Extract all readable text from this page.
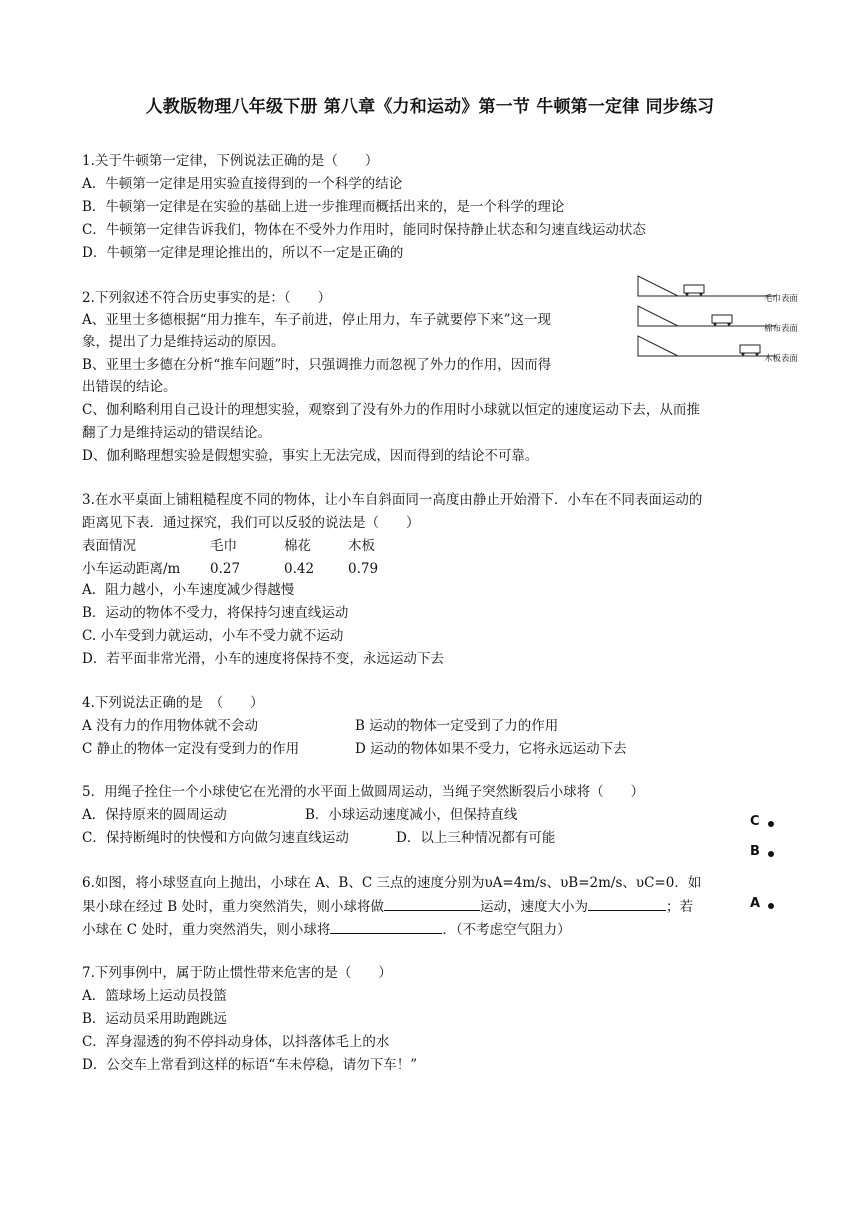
人教版物理八年级下册 第八章《力和运动》第一节 牛顿第一定律 同步练习
1.关于牛顿第一定律，下例说法正确的是（　　）
A．牛顿第一定律是用实验直接得到的一个科学的结论
B．牛顿第一定律是在实验的基础上进一步推理而概括出来的，是一个科学的理论
C．牛顿第一定律告诉我们，物体在不受外力作用时，能同时保持静止状态和匀速直线运动状态
D．牛顿第一定律是理论推出的，所以不一定是正确的
2.下列叙述不符合历史事实的是：（　　）
A、亚里士多德根据“用力推车，车子前进，停止用力，车子就要停下来”这一现
象，提出了力是维持运动的原因。
B、亚里士多德在分析“推车问题”时，只强调推力而忽视了外力的作用，因而得
出错误的结论。
C、伽利略利用自己设计的理想实验，观察到了没有外力的作用时小球就以恒定的速度运动下去，从而推
翻了力是维持运动的错误结论。
D、伽利略理想实验是假想实验，事实上无法完成，因而得到的结论不可靠。
毛巾表面
棉布表面
木板表面
3.在水平桌面上铺粗糙程度不同的物体，让小车自斜面同一高度由静止开始滑下．小车在不同表面运动的
距离见下表．通过探究，我们可以反驳的说法是（　　）
表面情况	毛巾	棉花	木板
小车运动距离/m 0.27	0.42	0.79
A．阻力越小，小车速度减少得越慢
B．运动的物体不受力，将保持匀速直线运动
C. 小车受到力就运动，小车不受力就不运动
D．若平面非常光滑，小车的速度将保持不变，永远运动下去
4.下列说法正确的是　（　　）
A 没有力的作用物体就不会动	B 运动的物体一定受到了力的作用
C 静止的物体一定没有受到力的作用	D 运动的物体如果不受力，它将永远运动下去
5．用绳子拴住一个小球使它在光滑的水平面上做圆周运动，当绳子突然断裂后小球将（　　）
A．保持原来的圆周运动	B．小球运动速度减小，但保持直线
C．保持断绳时的快慢和方向做匀速直线运动	D．以上三种情况都有可能
6.如图，将小球竖直向上抛出，小球在 A、B、C 三点的速度分别为υA=4m/s、υB=2m/s、υC=0．如
果小球在经过 B 处时，重力突然消失，则小球将做	运动，速度大小为	；若
小球在 C 处时，重力突然消失，则小球将	．（不考虑空气阻力）
C
B
A
7.下列事例中，属于防止惯性带来危害的是（　　）
A．篮球场上运动员投篮
B．运动员采用助跑跳远
C．浑身湿透的狗不停抖动身体，以抖落体毛上的水
D．公交车上常看到这样的标语“车未停稳，请勿下车！”
